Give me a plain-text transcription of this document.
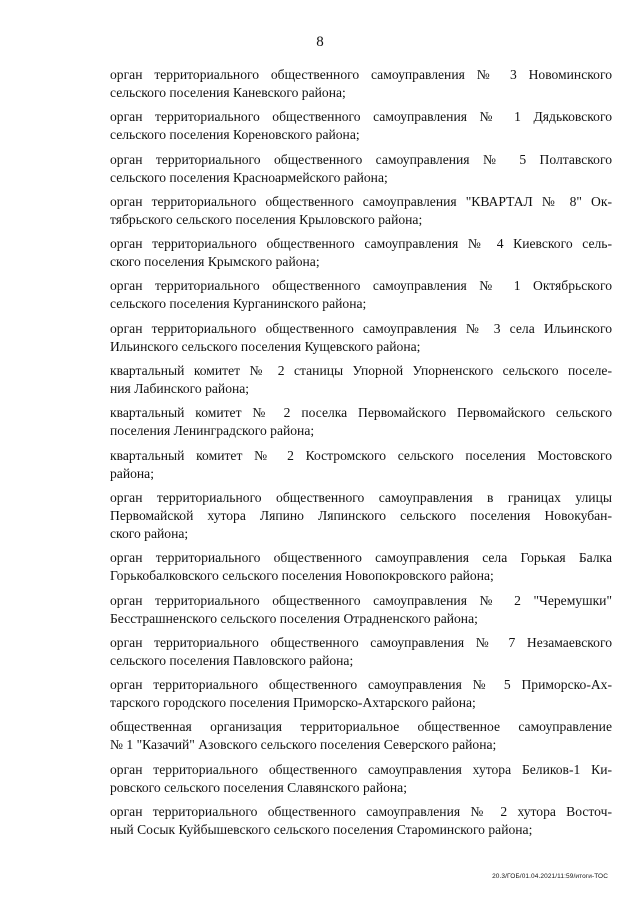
8
орган территориального общественного самоуправления № 3 Новоминского
сельского поселения Каневского района;
орган территориального общественного самоуправления № 1 Дядьковского
сельского поселения Кореновского района;
орган территориального общественного самоуправления № 5 Полтавского
сельского поселения Красноармейского района;
орган территориального общественного самоуправления "КВАРТАЛ № 8" Ок-
тябрьского сельского поселения Крыловского района;
орган территориального общественного самоуправления № 4 Киевского сель-
ского поселения Крымского района;
орган территориального общественного самоуправления № 1 Октябрьского
сельского поселения Курганинского района;
орган территориального общественного самоуправления № 3 села Ильинского
Ильинского сельского поселения Кущевского района;
квартальный комитет № 2 станицы Упорной Упорненского сельского поселе-
ния Лабинского района;
квартальный комитет № 2 поселка Первомайского Первомайского сельского
поселения Ленинградского района;
квартальный комитет № 2 Костромского сельского поселения Мостовского
района;
орган территориального общественного самоуправления в границах улицы
Первомайской хутора Ляпино Ляпинского сельского поселения Новокубан-
ского района;
орган территориального общественного самоуправления села Горькая Балка
Горькобалковского сельского поселения Новопокровского района;
орган территориального общественного самоуправления № 2 "Черемушки"
Бесстрашненского сельского поселения Отрадненского района;
орган территориального общественного самоуправления № 7 Незамаевского
сельского поселения Павловского района;
орган территориального общественного самоуправления № 5 Приморско-Ах-
тарского городского поселения Приморско-Ахтарского района;
общественная организация территориальное общественное самоуправление
№ 1 "Казачий" Азовского сельского поселения Северского района;
орган территориального общественного самоуправления хутора Беликов-1 Ки-
ровского сельского поселения Славянского района;
орган территориального общественного самоуправления № 2 хутора Восточ-
ный Сосык Куйбышевского сельского поселения Староминского района;
20.3/ГОБ/01.04.2021/11:59/итоги-ТОС
